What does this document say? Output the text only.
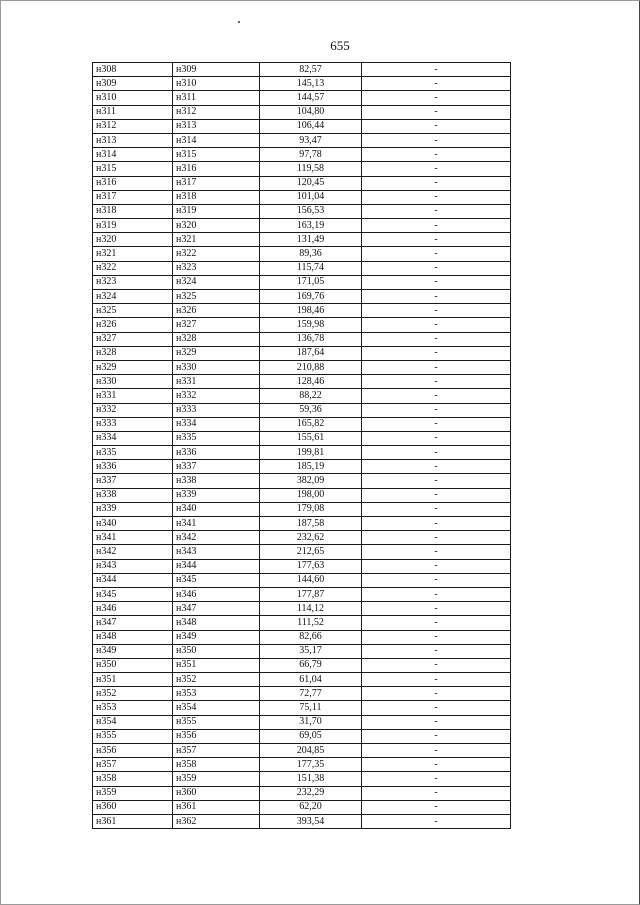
655
н308	н309	82,57	-
н309	н310	145,13	-
н310	н311	144,57	-
н311	н312	104,80	-
н312	н313	106,44	-
н313	н314	93,47	-
н314	н315	97,78	-
н315	н316	119,58	-
н316	н317	120,45	-
н317	н318	101,04	-
н318	н319	156,53	-
н319	н320	163,19	-
н320	н321	131,49	-
н321	н322	89,36	-
н322	н323	115,74	-
н323	н324	171,05	-
н324	н325	169,76	-
н325	н326	198,46	-
н326	н327	159,98	-
н327	н328	136,78	-
н328	н329	187,64	-
н329	н330	210,88	-
н330	н331	128,46	-
н331	н332	88,22	-
н332	н333	59,36	-
н333	н334	165,82	-
н334	н335	155,61	-
н335	н336	199,81	-
н336	н337	185,19	-
н337	н338	382,09	-
н338	н339	198,00	-
н339	н340	179,08	-
н340	н341	187,58	-
н341	н342	232,62	-
н342	н343	212,65	-
н343	н344	177,63	-
н344	н345	144,60	-
н345	н346	177,87	-
н346	н347	114,12	-
н347	н348	111,52	-
н348	н349	82,66	-
н349	н350	35,17	-
н350	н351	66,79	-
н351	н352	61,04	-
н352	н353	72,77	-
н353	н354	75,11	-
н354	н355	31,70	-
н355	н356	69,05	-
н356	н357	204,85	-
н357	н358	177,35	-
н358	н359	151,38	-
н359	н360	232,29	-
н360	н361	62,20	-
н361	н362	393,54	-
